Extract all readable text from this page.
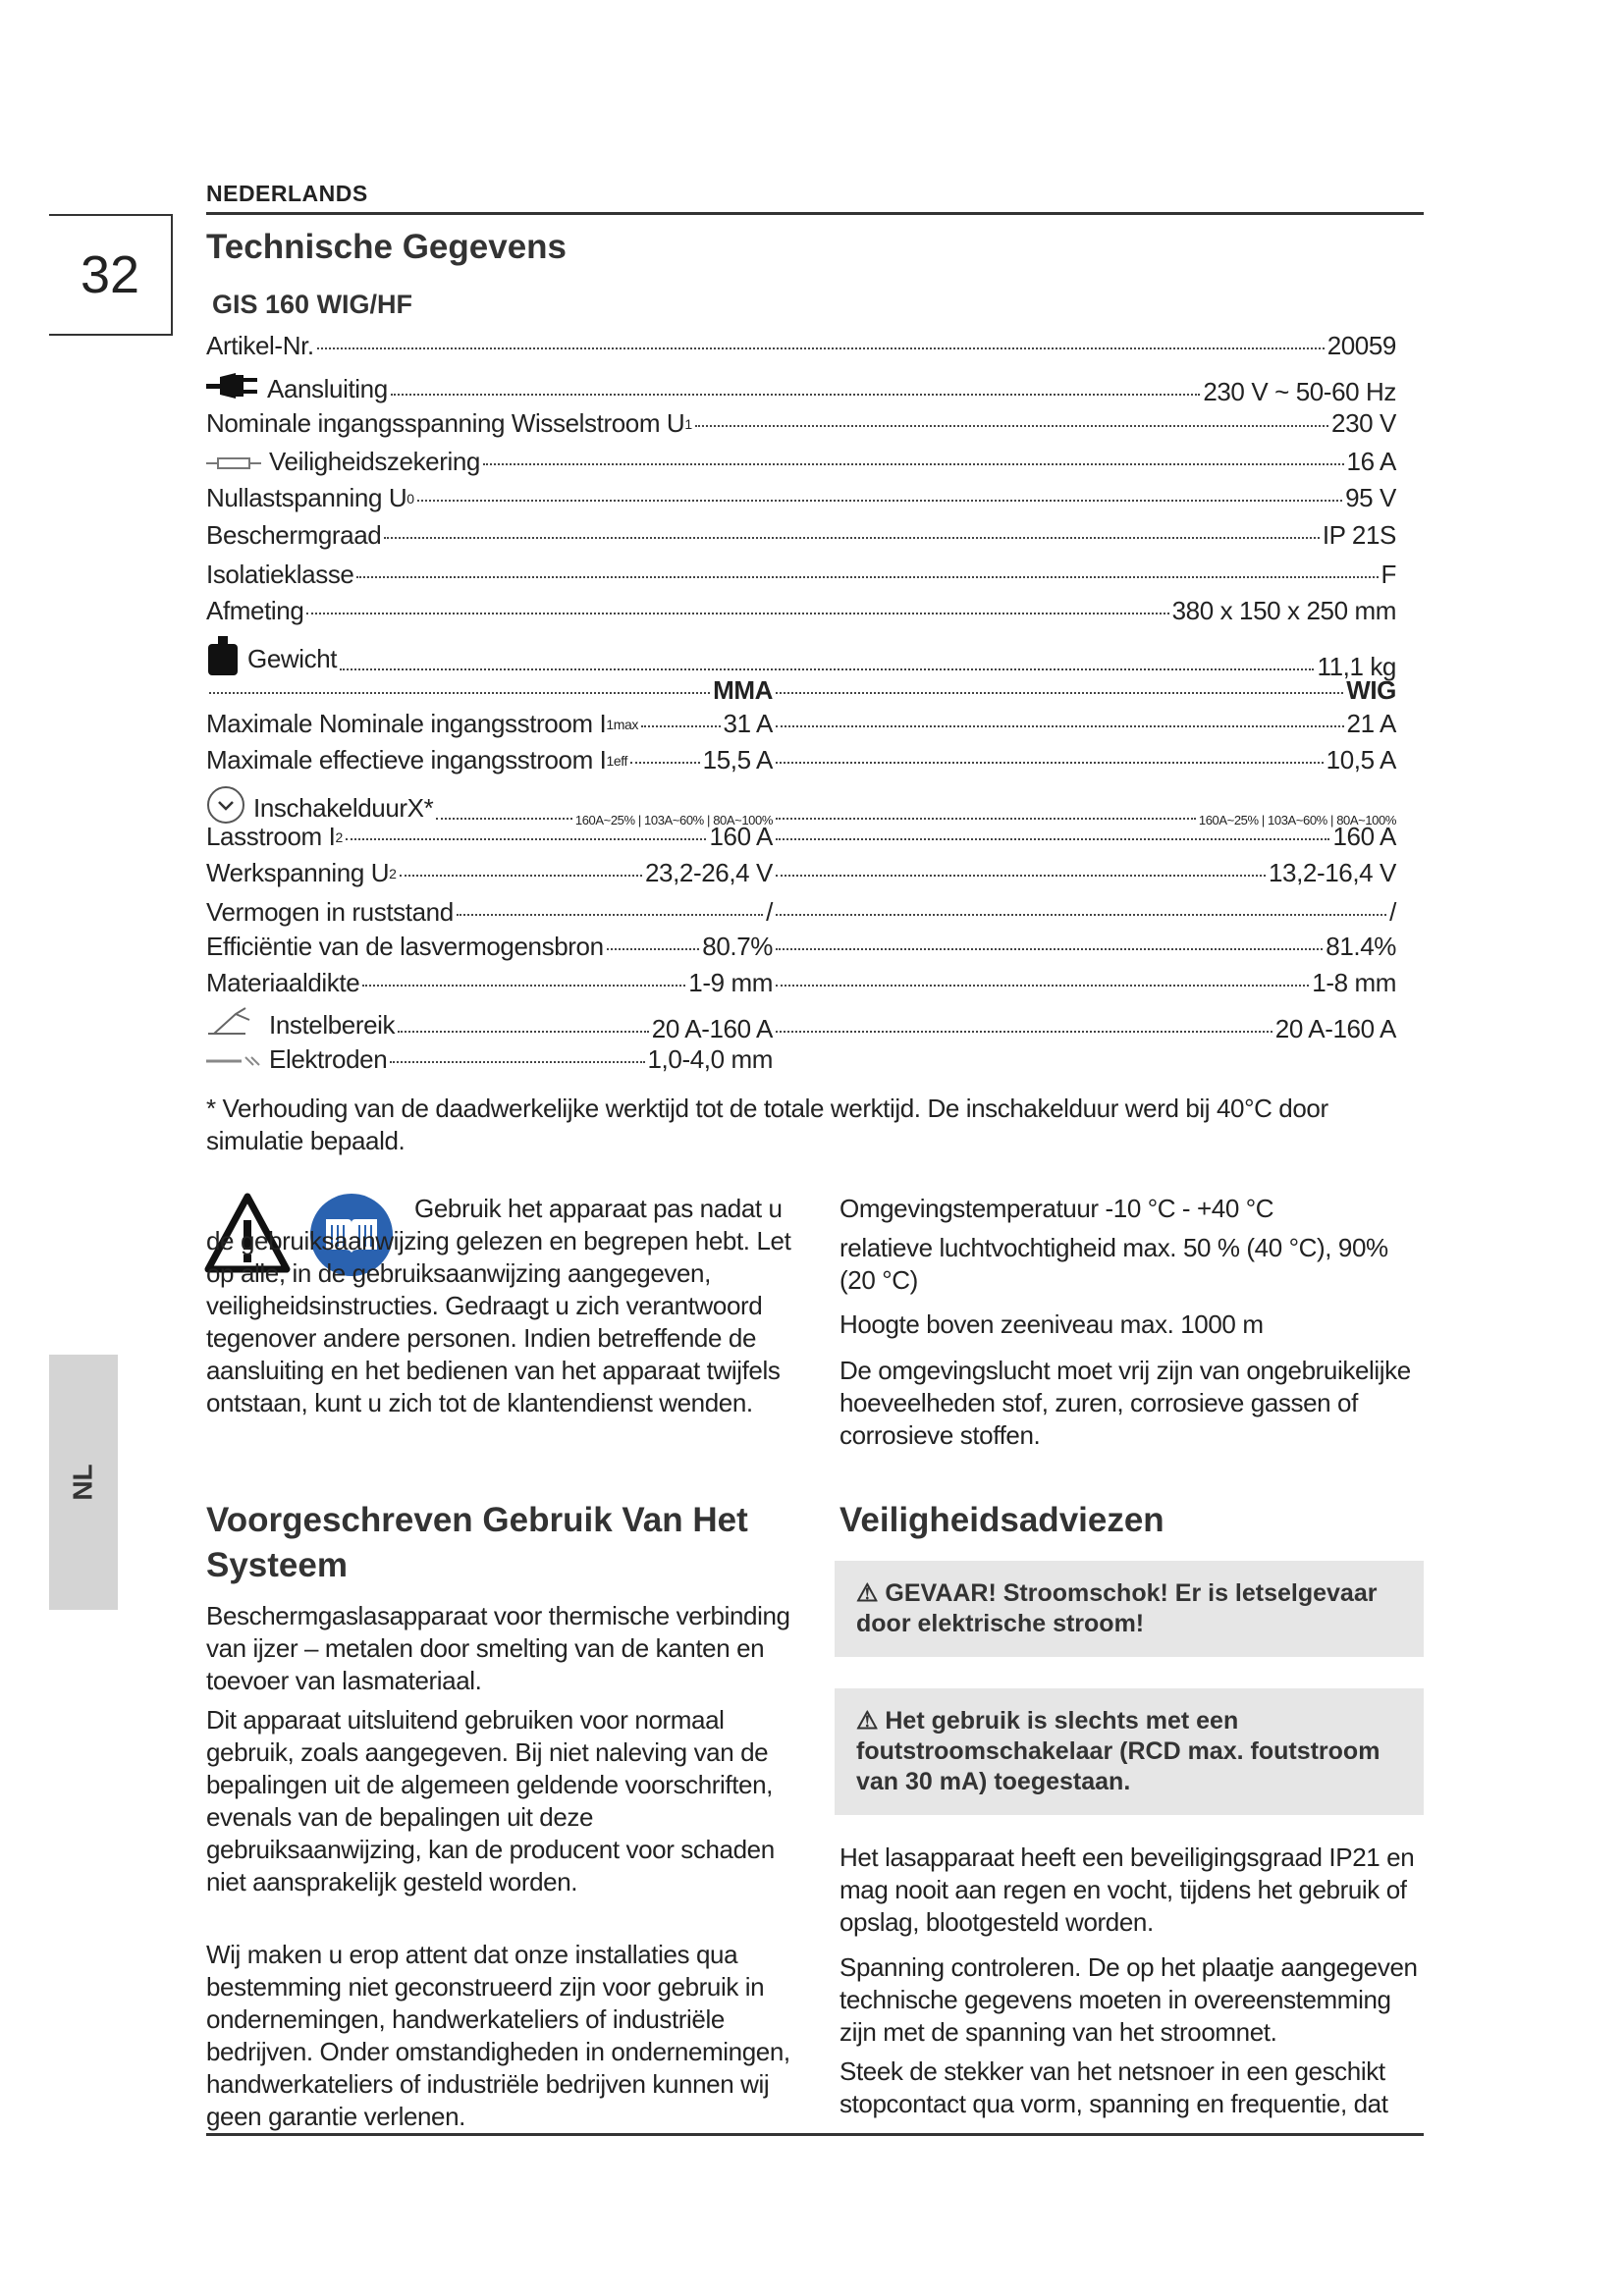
NEDERLANDS
32	Technische Gegevens
GIS 160 WIG/HF
Artikel-Nr.	20059
Aansluiting	230 V ~ 50-60 Hz
Nominale ingangsspanning Wisselstroom U 1	230 V
Veiligheidszekering	16 A
Nullastspanning U 0	95 V
Beschermgraad	IP 21S
Isolatieklasse	F
Afmeting	380 x 150 x 250 mm
Gewicht	11,1 kg
MMA	WIG
Maximale Nominale ingangsstroom I 1max	31 A	21 A
Maximale effectieve ingangsstroom I 1eff	15,5 A	10,5 A
InschakelduurX*	160A~25% | 103A~60% | 80A~100%	160A~25% | 103A~60% | 80A~100%
Lasstroom I 2	160 A	160 A
Werkspanning U 2	23,2-26,4 V	13,2-16,4 V
Vermogen in ruststand	/	/
Efficiëntie van de lasvermogensbron	80.7%	81.4%
Materiaaldikte	1-9 mm	1-8 mm
Instelbereik	20 A-160 A	20 A-160 A
Elektroden	1,0-4,0 mm
* Verhouding van de daadwerkelijke werktijd tot de totale werktijd. De inschakelduur werd bij 40°C door simulatie bepaald.
Gebruik het apparaat pas nadat u de gebruiksaanwijzing gelezen en begrepen hebt. Let op alle, in de gebruiksaanwijzing aangegeven, veiligheidsinstructies. Gedraagt u zich verantwoord tegenover andere personen. Indien betreffende de aansluiting en het bedienen van het apparaat twijfels ontstaan, kunt u zich tot de klantendienst wenden.
Omgevingstemperatuur -10 °C - +40 °C
relatieve luchtvochtigheid max. 50 % (40 °C), 90% (20 °C)
Hoogte boven zeeniveau max. 1000 m
De omgevingslucht moet vrij zijn van ongebruikelijke hoeveelheden stof, zuren, corrosieve gassen of corrosieve stoffen.
NL
Voorgeschreven Gebruik Van Het Systeem
Beschermgaslasapparaat voor thermische verbinding van ijzer – metalen door smelting van de kanten en toevoer van lasmateriaal.
Dit apparaat uitsluitend gebruiken voor normaal gebruik, zoals aangegeven. Bij niet naleving van de bepalingen uit de algemeen geldende voorschriften, evenals van de bepalingen uit deze gebruiksaanwijzing, kan de producent voor schaden niet aansprakelijk gesteld worden.
Wij maken u erop attent dat onze installaties qua bestemming niet geconstrueerd zijn voor gebruik in ondernemingen, handwerkateliers of industriële bedrijven. Onder omstandigheden in ondernemingen, handwerkateliers of industriële bedrijven kunnen wij geen garantie verlenen.
Veiligheidsadviezen
⚠ GEVAAR! Stroomschok! Er is letselgevaar door elektrische stroom!
⚠ Het gebruik is slechts met een foutstroomschakelaar (RCD max. foutstroom van 30 mA) toegestaan.
Het lasapparaat heeft een beveiligingsgraad IP21 en mag nooit aan regen en vocht, tijdens het gebruik of opslag, blootgesteld worden.
Spanning controleren. De op het plaatje aangegeven technische gegevens moeten in overeenstemming zijn met de spanning van het stroomnet.
Steek de stekker van het netsnoer in een geschikt stopcontact qua vorm, spanning en frequentie, dat
